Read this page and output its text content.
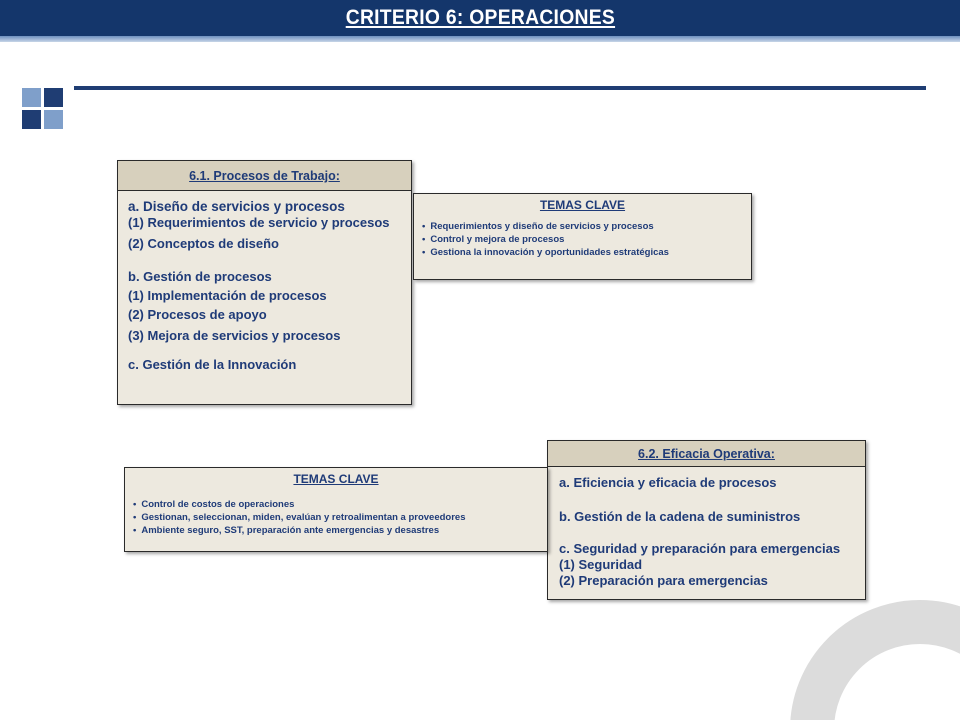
CRITERIO 6: OPERACIONES
6.1. Procesos de Trabajo:
a. Diseño de servicios y procesos
(1) Requerimientos de servicio y procesos
(2) Conceptos de diseño
b. Gestión de procesos
(1) Implementación de procesos
(2) Procesos de apoyo
(3) Mejora de servicios y procesos
c. Gestión de la Innovación
TEMAS CLAVE
• Requerimientos y diseño de servicios y procesos
• Control y mejora de procesos
• Gestiona la innovación y oportunidades estratégicas
6.2. Eficacia Operativa:
a. Eficiencia y eficacia de procesos
b. Gestión de la cadena de suministros
c. Seguridad y preparación para emergencias
(1) Seguridad
(2) Preparación para emergencias
TEMAS CLAVE
• Control de costos de operaciones
• Gestionan, seleccionan, miden, evalúan y retroalimentan a proveedores
• Ambiente seguro, SST, preparación ante emergencias y desastres
